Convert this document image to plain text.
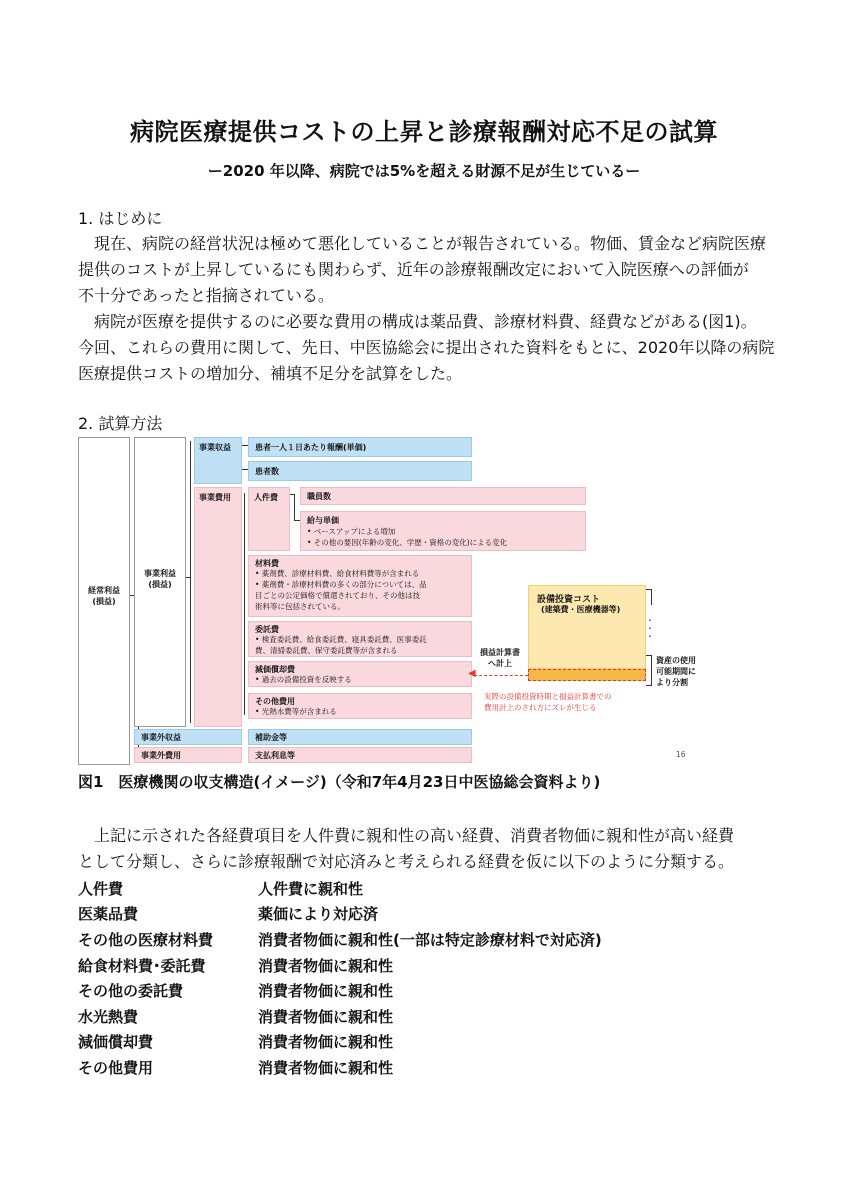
病院医療提供コストの上昇と診療報酬対応不足の試算
ー2020 年以降、病院では5%を超える財源不足が生じているー
1. はじめに
　現在、病院の経営状況は極めて悪化していることが報告されている。物価、賃金など病院医療
提供のコストが上昇しているにも関わらず、近年の診療報酬改定において入院医療への評価が
不十分であったと指摘されている。
　病院が医療を提供するのに必要な費用の構成は薬品費、診療材料費、経費などがある(図1)。
今回、これらの費用に関して、先日、中医協総会に提出された資料をもとに、2020年以降の病院
医療提供コストの増加分、補填不足分を試算をした。
2. 試算方法
経常利益
(損益)
事業利益
(損益)
事業収益	患者一人１日あたり報酬(単価)
患者数
事業費用	人件費	職員数
給与単価
• ベースアップによる増加
• その他の要因(年齢の変化、学歴・資格の変化)による変化
材料費
• 薬剤費、診療材料費、給食材料費等が含まれる
• 薬剤費・診療材料費の多くの部分については、品
目ごとの公定価格で償還されており、その他は技
術料等に包括されている。
委託費
• 検査委託費、給食委託費、寝具委託費、医事委託
費、清掃委託費、保守委託費等が含まれる
減価償却費
• 過去の設備投資を反映する
その他費用
• 光熱水費等が含まれる
事業外収益	補助金等
事業外費用	支払利息等
設備投資コスト
(建築費・医療機器等)
・
・
・
資産の使用
可能期間に
より分割
損益計算書
へ計上
◀
実際の設備投資時期と損益計算書での
費用計上のされ方にズレが生じる
16
図1　医療機関の収支構造(イメージ)（令和7年4月23日中医協総会資料より)
　上記に示された各経費項目を人件費に親和性の高い経費、消費者物価に親和性が高い経費
として分類し、さらに診療報酬で対応済みと考えられる経費を仮に以下のように分類する。
人件費	人件費に親和性
医薬品費	薬価により対応済
その他の医療材料費	消費者物価に親和性(一部は特定診療材料で対応済)
給食材料費･委託費	消費者物価に親和性
その他の委託費	消費者物価に親和性
水光熱費	消費者物価に親和性
減価償却費	消費者物価に親和性
その他費用	消費者物価に親和性
